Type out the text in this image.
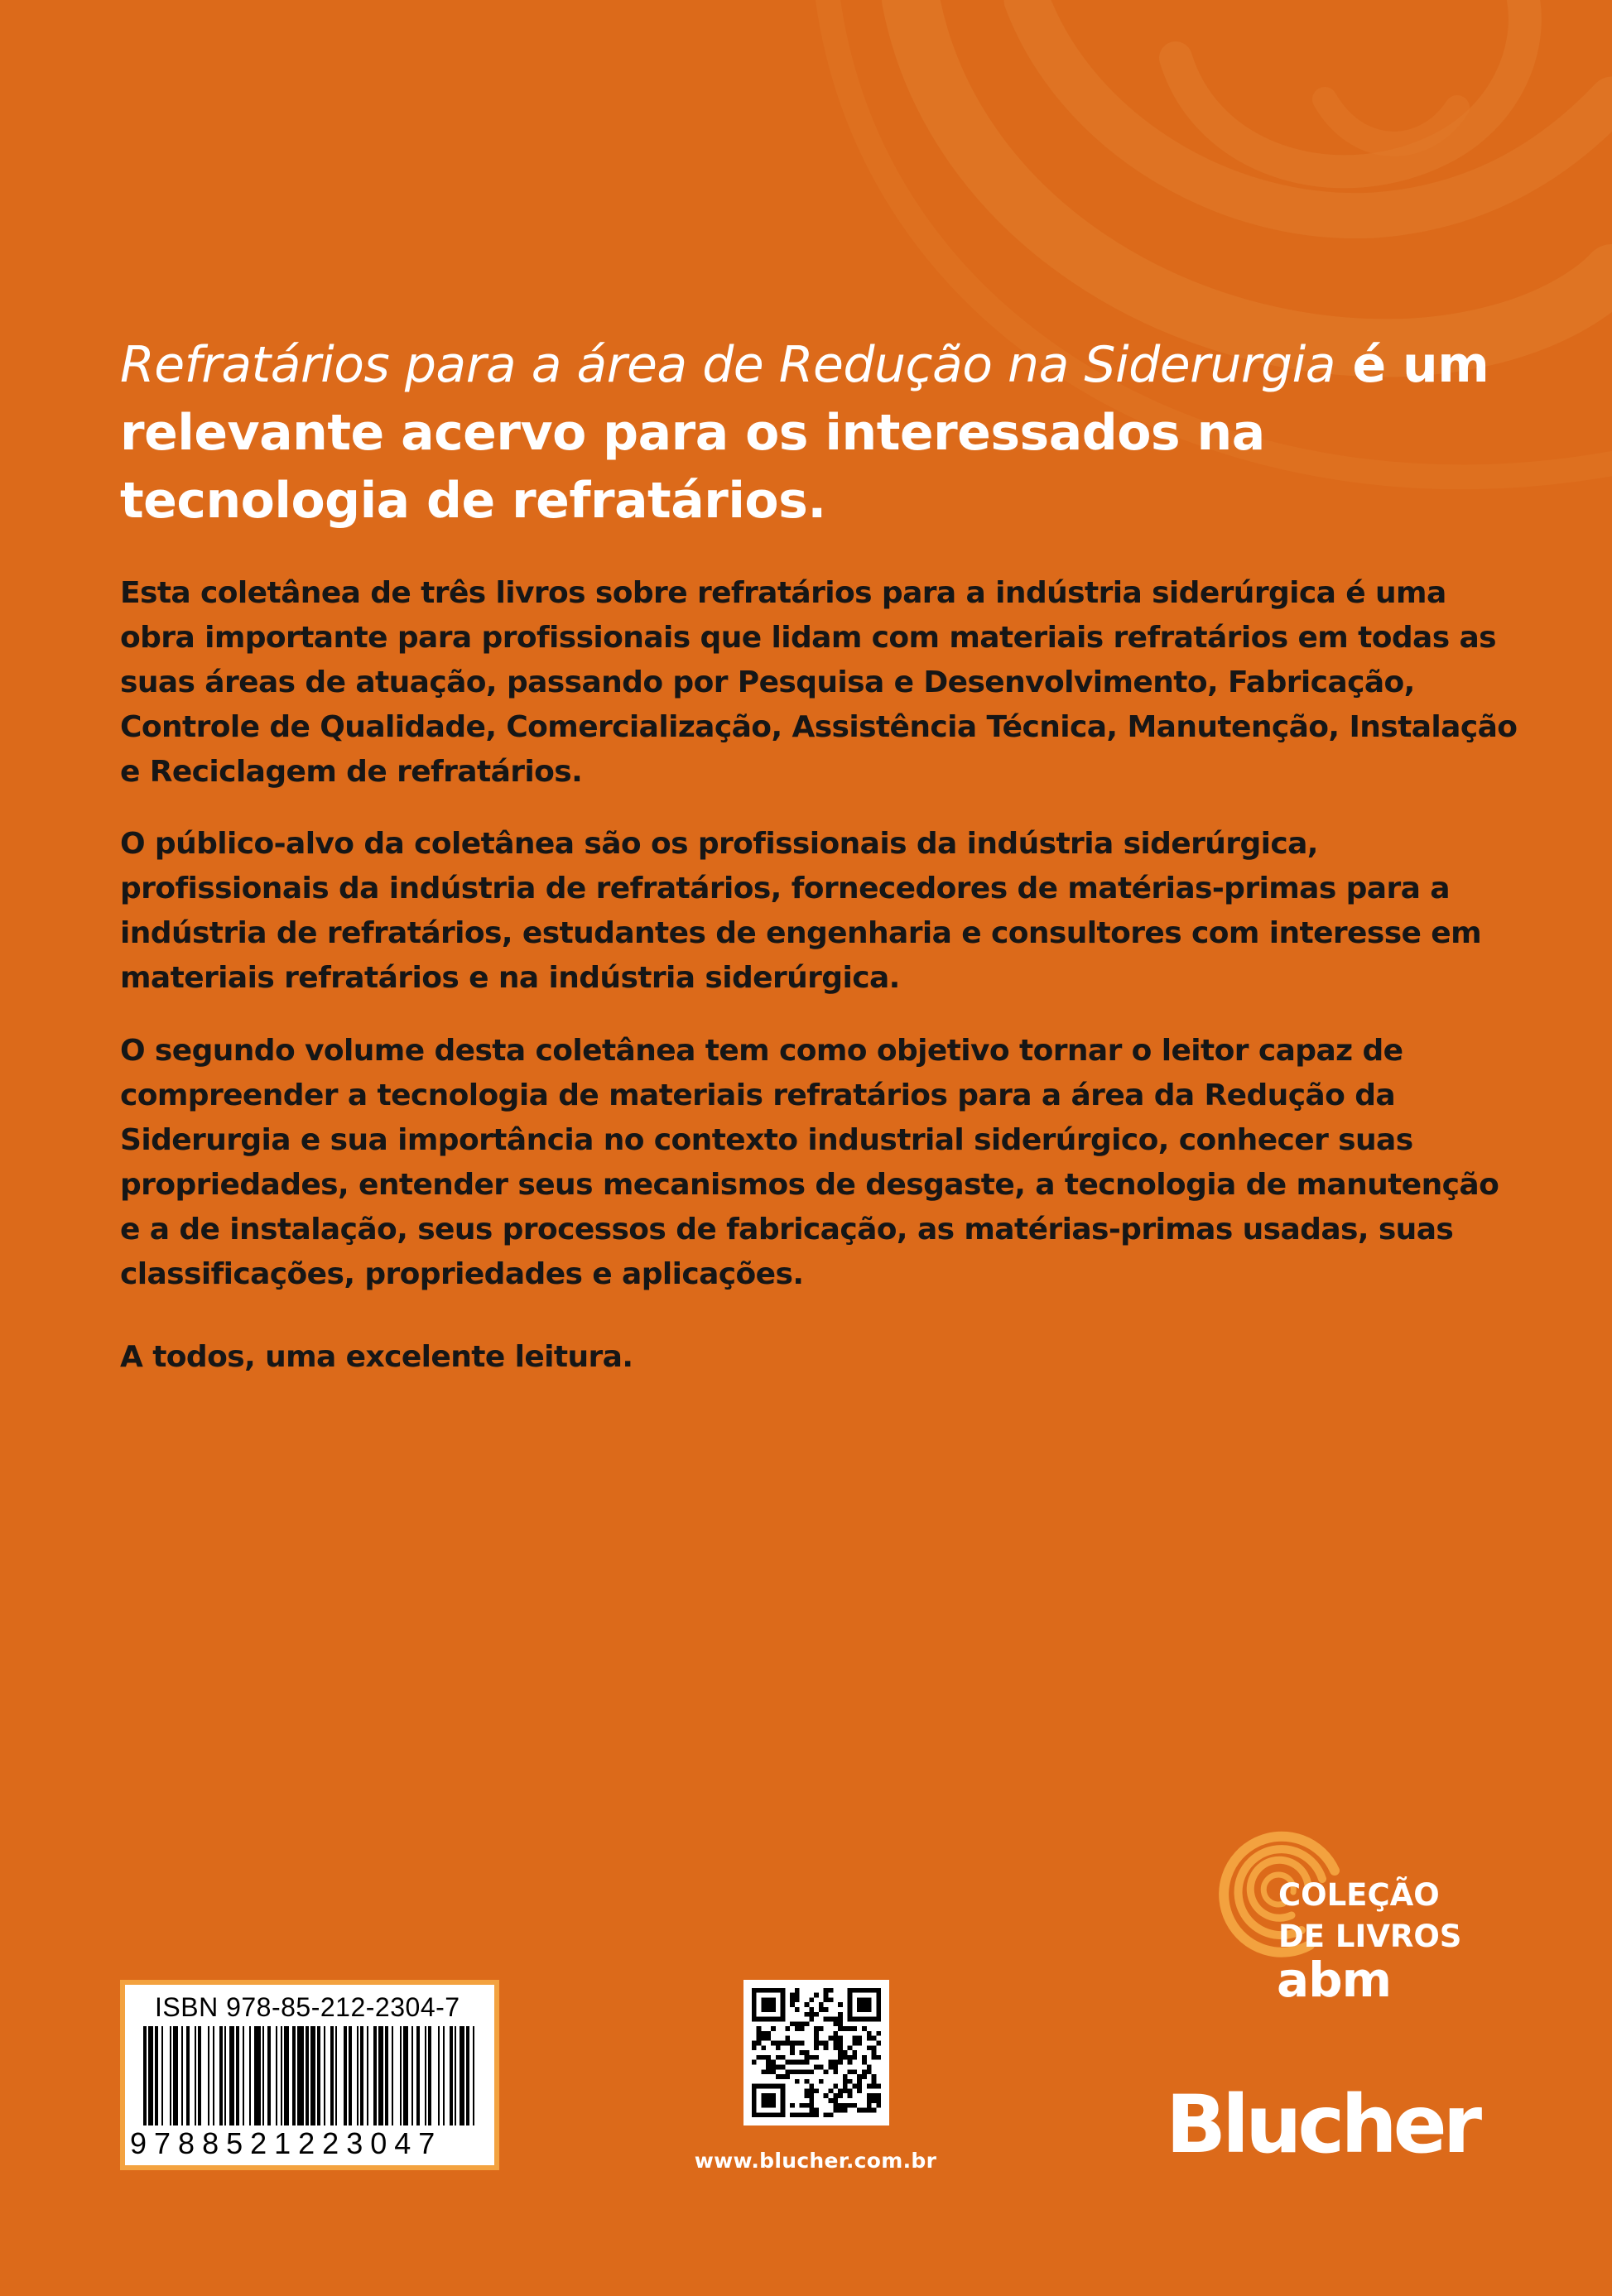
Refratários para a área de Redução na Siderurgia é um relevante acervo para os interessados na tecnologia de refratários.

Esta coletânea de três livros sobre refratários para a indústria siderúrgica é uma obra importante para profissionais que lidam com materiais refratários em todas as suas áreas de atuação, passando por Pesquisa e Desenvolvimento, Fabricação, Controle de Qualidade, Comercialização, Assistência Técnica, Manutenção, Instalação e Reciclagem de refratários.

O público-alvo da coletânea são os profissionais da indústria siderúrgica, profissionais da indústria de refratários, fornecedores de matérias-primas para a indústria de refratários, estudantes de engenharia e consultores com interesse em materiais refratários e na indústria siderúrgica.

O segundo volume desta coletânea tem como objetivo tornar o leitor capaz de compreender a tecnologia de materiais refratários para a área da Redução da Siderurgia e sua importância no contexto industrial siderúrgico, conhecer suas propriedades, entender seus mecanismos de desgaste, a tecnologia de manutenção e a de instalação, seus processos de fabricação, as matérias-primas usadas, suas classificações, propriedades e aplicações.

A todos, uma excelente leitura.

COLEÇÃO
DE LIVROS
abm
ISBN 978-85-212-2304-7
9788521223047
www.blucher.com.br	Blucher
